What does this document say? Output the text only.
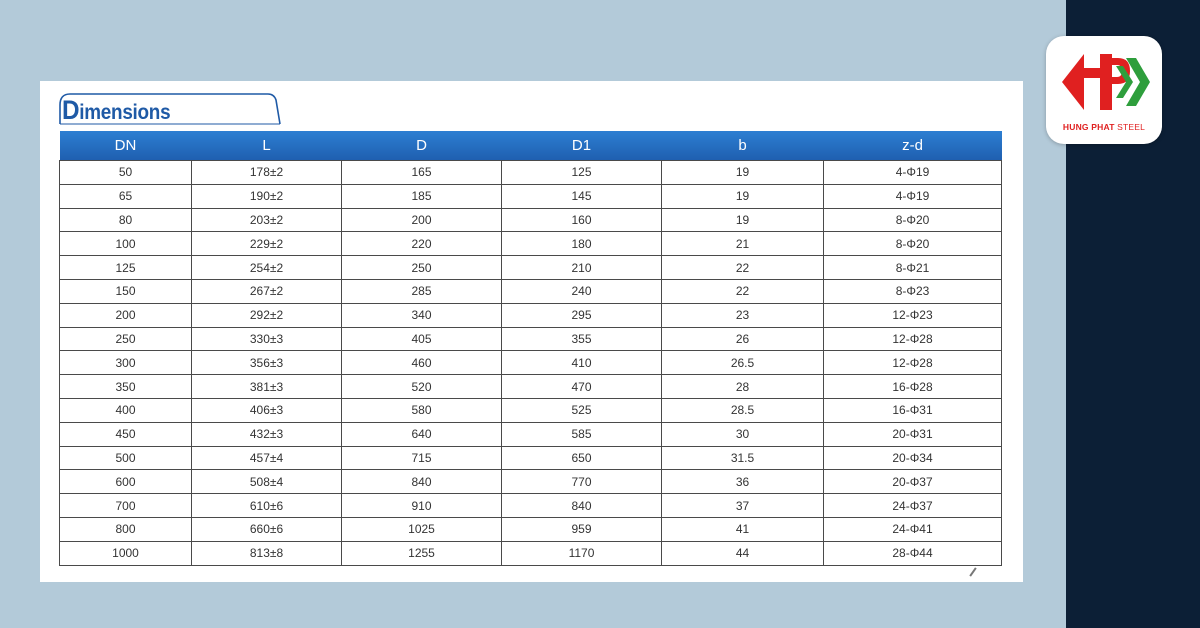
HUNG PHAT STEEL
Dimensions
DN	L	D	D1	b	z-d
50	178±2	165	125	19	4-Φ19
65	190±2	185	145	19	4-Φ19
80	203±2	200	160	19	8-Φ20
100	229±2	220	180	21	8-Φ20
125	254±2	250	210	22	8-Φ21
150	267±2	285	240	22	8-Φ23
200	292±2	340	295	23	12-Φ23
250	330±3	405	355	26	12-Φ28
300	356±3	460	410	26.5	12-Φ28
350	381±3	520	470	28	16-Φ28
400	406±3	580	525	28.5	16-Φ31
450	432±3	640	585	30	20-Φ31
500	457±4	715	650	31.5	20-Φ34
600	508±4	840	770	36	20-Φ37
700	610±6	910	840	37	24-Φ37
800	660±6	1025	959	41	24-Φ41
1000	813±8	1255	1170	44	28-Φ44
